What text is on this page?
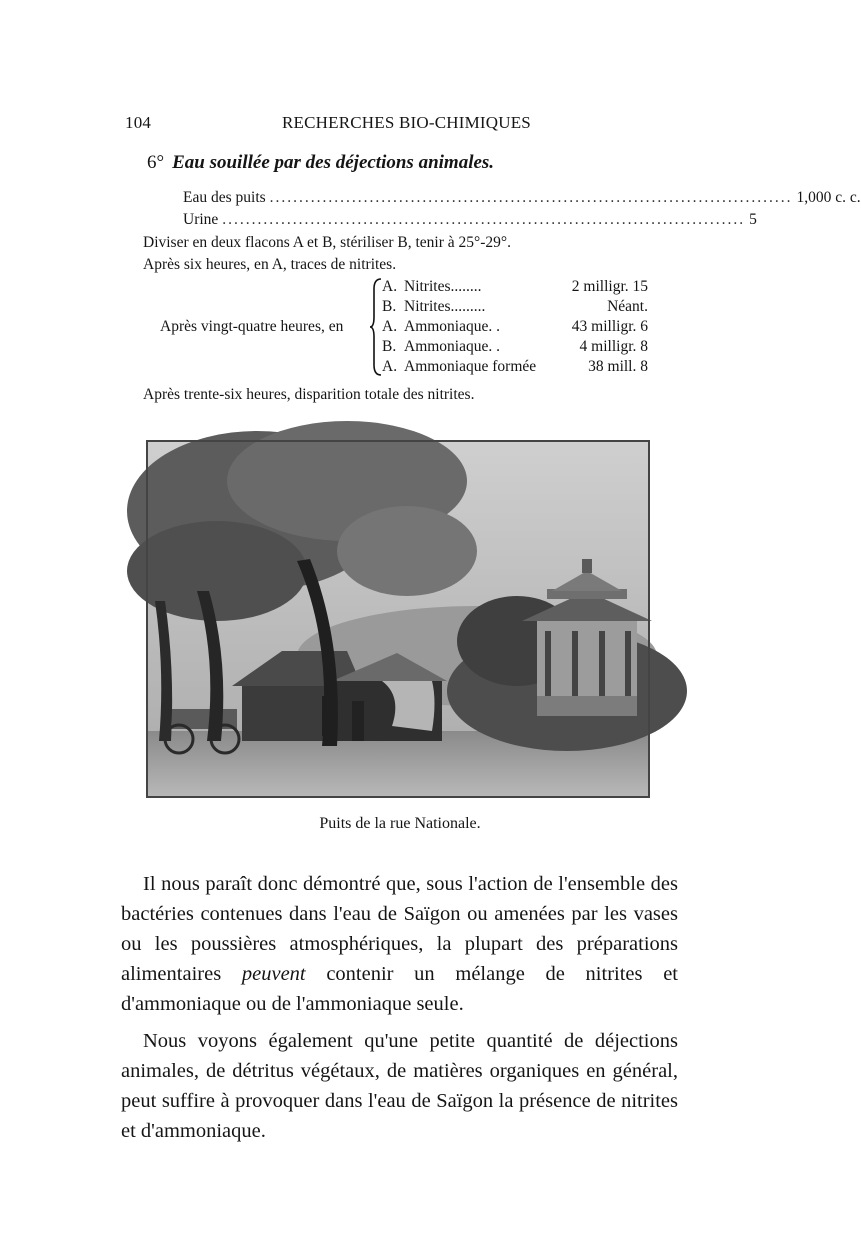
104	RECHERCHES BIO-CHIMIQUES
6° Eau souillée par des déjections animales.
Eau des puits ......................................................................................... 1,000 c. c.
Urine ......................................................................................... 5
Diviser en deux flacons A et B, stériliser B, tenir à 25°-29°.
Après six heures, en A, traces de nitrites.
Après vingt-quatre heures, en
A. Nitrites........	2 milligr. 15
B. Nitrites.........	Néant.
A. Ammoniaque. .	43 milligr. 6
B. Ammoniaque. .	4 milligr. 8
A. Ammoniaque formée	38 mill. 8
Après trente-six heures, disparition totale des nitrites.
Puits de la rue Nationale.
Il nous paraît donc démontré que, sous l'action de l'ensemble des bactéries contenues dans l'eau de Saïgon ou amenées par les vases ou les poussières atmosphériques, la plupart des préparations alimentaires peuvent contenir un mélange de nitrites et d'ammoniaque ou de l'ammoniaque seule.
Nous voyons également qu'une petite quantité de déjections animales, de détritus végétaux, de matières organiques en général, peut suffire à provoquer dans l'eau de Saïgon la présence de nitrites et d'ammoniaque.
